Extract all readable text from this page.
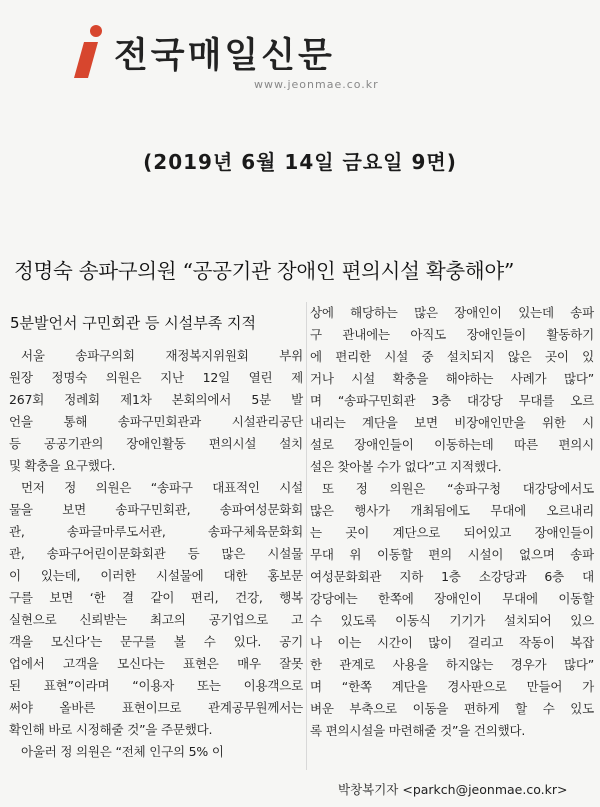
전국매일신문
www.jeonmae.co.kr
(2019년 6월 14일 금요일 9면)
정명숙 송파구의원 “공공기관 장애인 편의시설 확충해야”
5분발언서 구민회관 등 시설부족 지적
서울 송파구의회 재정복지위원회 부위
원장 정명숙 의원은 지난 12일 열린 제
267회 정례회 제1차 본회의에서 5분 발
언을 통해 송파구민회관과 시설관리공단
등 공공기관의 장애인활동 편의시설 설치
및 확충을 요구했다.
먼저 정 의원은 “송파구 대표적인 시설
물을 보면 송파구민회관, 송파여성문화회
관, 송파글마루도서관, 송파구체육문화회
관, 송파구어린이문화회관 등 많은 시설물
이 있는데, 이러한 시설물에 대한 홍보문
구를 보면 ‘한 결 같이 편리, 건강, 행복
실현으로 신뢰받는 최고의 공기업으로 고
객을 모신다’는 문구를 볼 수 있다. 공기
업에서 고객을 모신다는 표현은 매우 잘못
된 표현”이라며 “이용자 또는 이용객으로
써야 올바른 표현이므로 관계공무원께서는
확인해 바로 시정해줄 것”을 주문했다.
아울러 정 의원은 “전체 인구의 5% 이
상에 해당하는 많은 장애인이 있는데 송파
구 관내에는 아직도 장애인들이 활동하기
에 편리한 시설 중 설치되지 않은 곳이 있
거나 시설 확충을 해야하는 사례가 많다”
며 “송파구민회관 3층 대강당 무대를 오르
내리는 계단을 보면 비장애인만을 위한 시
설로 장애인들이 이동하는데 따른 편의시
설은 찾아볼 수가 없다”고 지적했다.
또 정 의원은 “송파구청 대강당에서도
많은 행사가 개최됨에도 무대에 오르내리
는 곳이 계단으로 되어있고 장애인들이
무대 위 이동할 편의 시설이 없으며 송파
여성문화회관 지하 1층 소강당과 6층 대
강당에는 한쪽에 장애인이 무대에 이동할
수 있도록 이동식 기기가 설치되어 있으
나 이는 시간이 많이 걸리고 작동이 복잡
한 관계로 사용을 하지않는 경우가 많다”
며 “한쪽 계단을 경사판으로 만들어 가
벼운 부축으로 이동을 편하게 할 수 있도
록 편의시설을 마련해줄 것”을 건의했다.
박창복기자 <parkch@jeonmae.co.kr>
